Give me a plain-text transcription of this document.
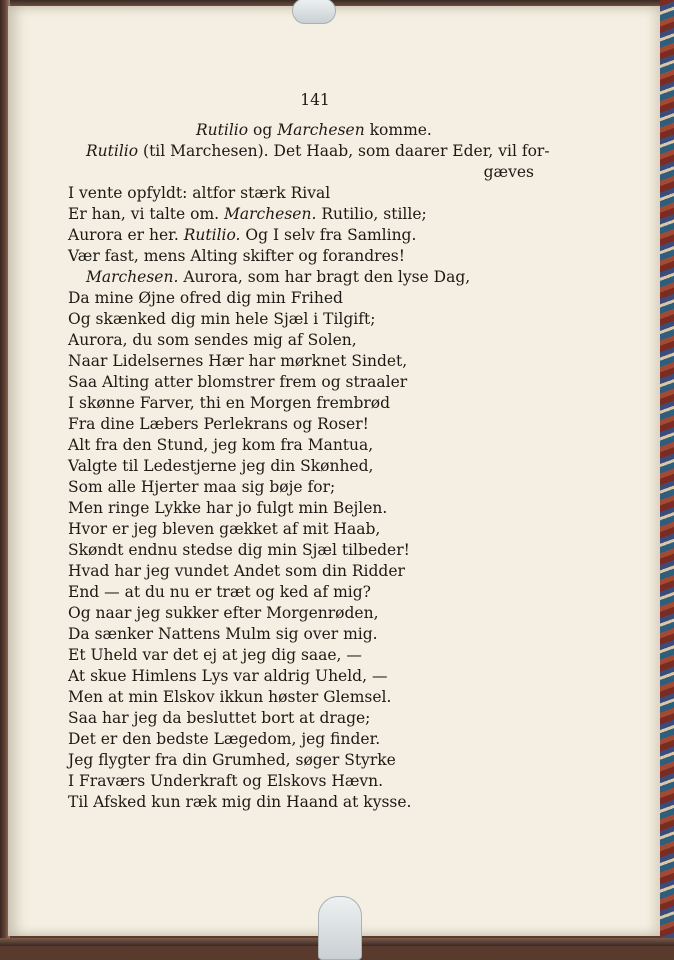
141
Rutilio og Marchesen komme.
Rutilio (til Marchesen). Det Haab, som daarer Eder, vil for-
gæves
I vente opfyldt: altfor stærk Rival
Er han, vi talte om. Marchesen. Rutilio, stille;
Aurora er her. Rutilio. Og I selv fra Samling.
Vær fast, mens Alting skifter og forandres!
Marchesen. Aurora, som har bragt den lyse Dag,
Da mine Øjne ofred dig min Frihed
Og skænked dig min hele Sjæl i Tilgift;
Aurora, du som sendes mig af Solen,
Naar Lidelsernes Hær har mørknet Sindet,
Saa Alting atter blomstrer frem og straaler
I skønne Farver, thi en Morgen frembrød
Fra dine Læbers Perlekrans og Roser!
Alt fra den Stund, jeg kom fra Mantua,
Valgte til Ledestjerne jeg din Skønhed,
Som alle Hjerter maa sig bøje for;
Men ringe Lykke har jo fulgt min Bejlen.
Hvor er jeg bleven gækket af mit Haab,
Skøndt endnu stedse dig min Sjæl tilbeder!
Hvad har jeg vundet Andet som din Ridder
End — at du nu er træt og ked af mig?
Og naar jeg sukker efter Morgenrøden,
Da sænker Nattens Mulm sig over mig.
Et Uheld var det ej at jeg dig saae, —
At skue Himlens Lys var aldrig Uheld, —
Men at min Elskov ikkun høster Glemsel.
Saa har jeg da besluttet bort at drage;
Det er den bedste Lægedom, jeg finder.
Jeg flygter fra din Grumhed, søger Styrke
I Fraværs Underkraft og Elskovs Hævn.
Til Afsked kun ræk mig din Haand at kysse.
